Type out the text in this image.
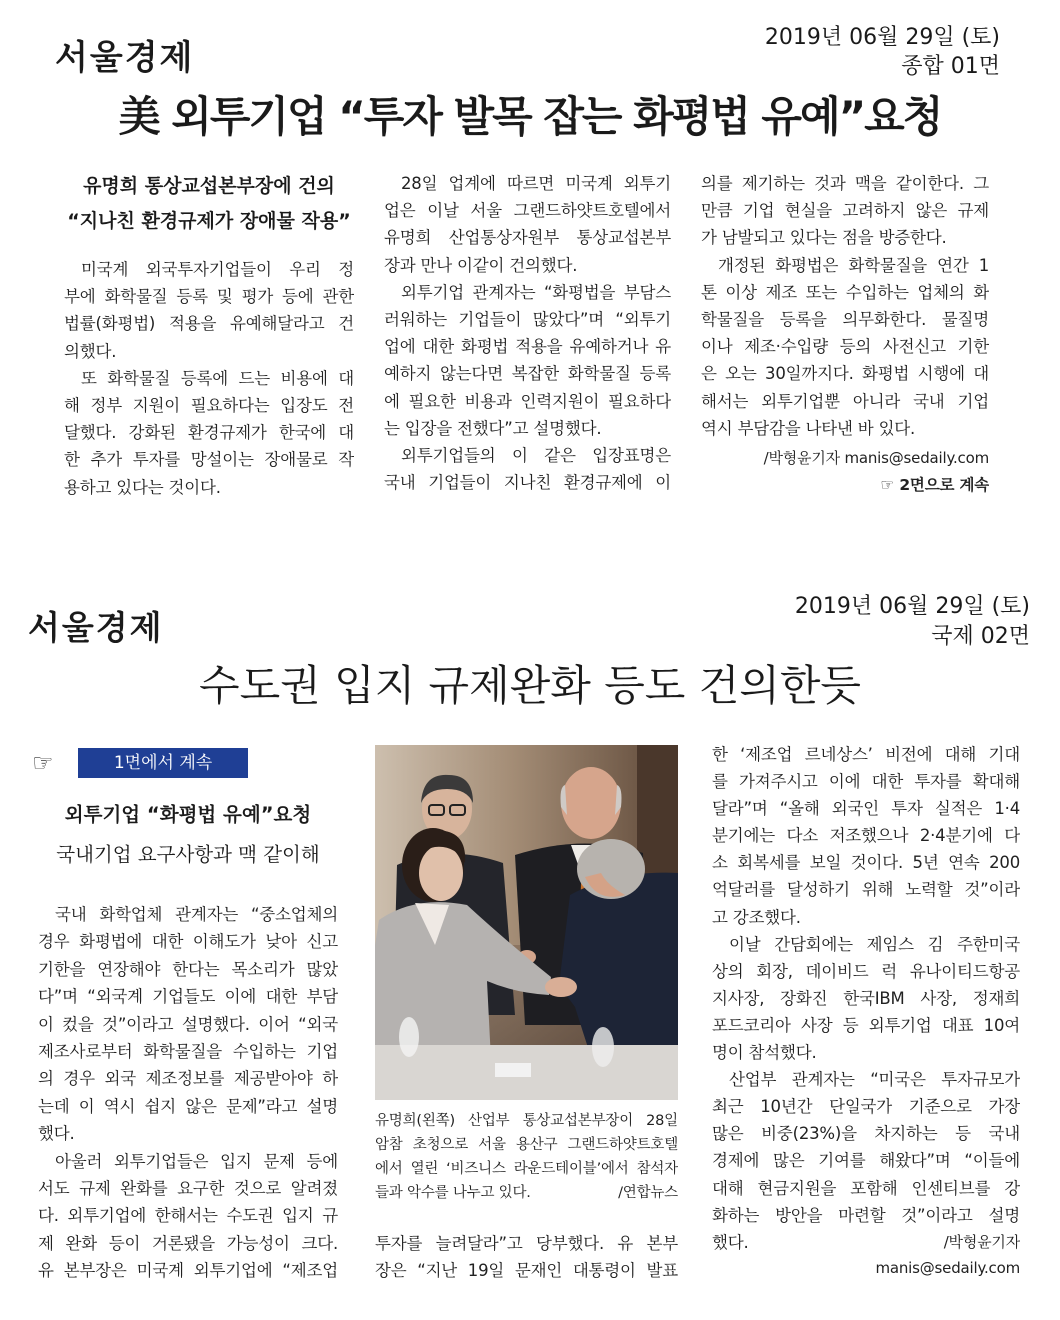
서울경제
2019년 06월 29일 (토)
종합 01면
美 외투기업 “투자 발목 잡는 화평법 유예”요청
유명희 통상교섭본부장에 건의
“지나친 환경규제가 장애물 작용”
미국계 외국투자기업들이 우리 정
부에 화학물질 등록 및 평가 등에 관한
법률(화평법) 적용을 유예해달라고 건
의했다.
또 화학물질 등록에 드는 비용에 대
해 정부 지원이 필요하다는 입장도 전
달했다. 강화된 환경규제가 한국에 대
한 추가 투자를 망설이는 장애물로 작
용하고 있다는 것이다.
28일 업계에 따르면 미국계 외투기
업은 이날 서울 그랜드하얏트호텔에서
유명희 산업통상자원부 통상교섭본부
장과 만나 이같이 건의했다.
외투기업 관계자는 “화평법을 부담스
러워하는 기업들이 많았다”며 “외투기
업에 대한 화평법 적용을 유예하거나 유
예하지 않는다면 복잡한 화학물질 등록
에 필요한 비용과 인력지원이 필요하다
는 입장을 전했다”고 설명했다.
외투기업들의 이 같은 입장표명은
국내 기업들이 지나친 환경규제에 이
의를 제기하는 것과 맥을 같이한다. 그
만큼 기업 현실을 고려하지 않은 규제
가 남발되고 있다는 점을 방증한다.
개정된 화평법은 화학물질을 연간 1
톤 이상 제조 또는 수입하는 업체의 화
학물질을 등록을 의무화한다. 물질명
이나 제조·수입량 등의 사전신고 기한
은 오는 30일까지다. 화평법 시행에 대
해서는 외투기업뿐 아니라 국내 기업
역시 부담감을 나타낸 바 있다.
/박형윤기자 manis@sedaily.com
☞ 2면으로 계속
2019년 06월 29일 (토)
서울경제	국제 02면
수도권 입지 규제완화 등도 건의한듯
☞	1면에서 계속
외투기업 “화평법 유예”요청
국내기업 요구사항과 맥 같이해
국내 화학업체 관계자는 “중소업체의
경우 화평법에 대한 이해도가 낮아 신고
기한을 연장해야 한다는 목소리가 많았
다”며 “외국계 기업들도 이에 대한 부담
이 컸을 것”이라고 설명했다. 이어 “외국
제조사로부터 화학물질을 수입하는 기업
의 경우 외국 제조정보를 제공받아야 하
는데 이 역시 쉽지 않은 문제”라고 설명
했다.
아울러 외투기업들은 입지 문제 등에
서도 규제 완화를 요구한 것으로 알려졌
다. 외투기업에 한해서는 수도권 입지 규
제 완화 등이 거론됐을 가능성이 크다.
유 본부장은 미국계 외투기업에 “제조업
유명희(왼쪽) 산업부 통상교섭본부장이 28일
암참 초청으로 서울 용산구 그랜드하얏트호텔
에서 열린 ‘비즈니스 라운드테이블’에서 참석자
들과 악수를 나누고 있다.	/연합뉴스
투자를 늘려달라”고 당부했다. 유 본부
장은 “지난 19일 문재인 대통령이 발표
한 ‘제조업 르네상스’ 비전에 대해 기대
를 가져주시고 이에 대한 투자를 확대해
달라”며 “올해 외국인 투자 실적은 1·4
분기에는 다소 저조했으나 2·4분기에 다
소 회복세를 보일 것이다. 5년 연속 200
억달러를 달성하기 위해 노력할 것”이라
고 강조했다.
이날 간담회에는 제임스 김 주한미국
상의 회장, 데이비드 럭 유나이티드항공
지사장, 장화진 한국IBM 사장, 정재희
포드코리아 사장 등 외투기업 대표 10여
명이 참석했다.
산업부 관계자는 “미국은 투자규모가
최근 10년간 단일국가 기준으로 가장
많은 비중(23%)을 차지하는 등 국내
경제에 많은 기여를 해왔다”며 “이들에
대해 현금지원을 포함해 인센티브를 강
화하는 방안을 마련할 것”이라고 설명
했다.	/박형윤기자
manis@sedaily.com
